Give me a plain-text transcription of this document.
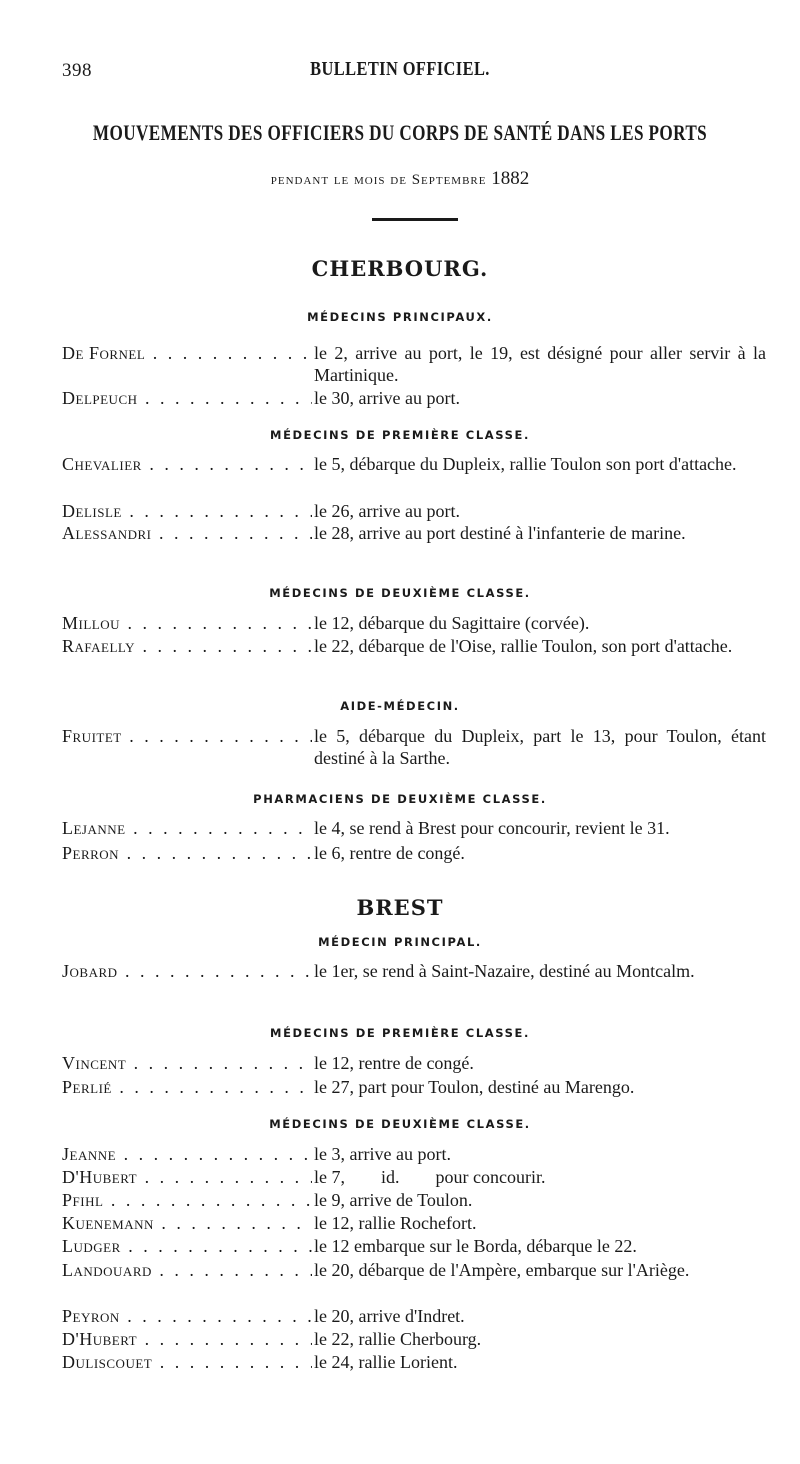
398	BULLETIN OFFICIEL.
MOUVEMENTS DES OFFICIERS DU CORPS DE SANTÉ DANS LES PORTS
pendant le mois de Septembre 1882
CHERBOURG.
MÉDECINS PRINCIPAUX.
De Fornel . . .	le 2, arrive au port, le 19, est désigné pour aller servir à la Martinique.
Delpeuch . . .	le 30, arrive au port.
MÉDECINS DE PREMIÈRE CLASSE.
Chevalier . . .	le 5, débarque du Dupleix, rallie Toulon son port d'attache.
Delisle . . .	le 26, arrive au port.
Alessandri . . .	le 28, arrive au port destiné à l'infanterie de marine.
MÉDECINS DE DEUXIÈME CLASSE.
Millou . . .	le 12, débarque du Sagittaire (corvée).
Rafaelly . . .	le 22, débarque de l'Oise, rallie Toulon, son port d'attache.
AIDE-MÉDECIN.
Fruitet . . .	le 5, débarque du Dupleix, part le 13, pour Toulon, étant destiné à la Sarthe.
PHARMACIENS DE DEUXIÈME CLASSE.
Lejanne . . .	le 4, se rend à Brest pour concourir, revient le 31.
Perron . . .	le 6, rentre de congé.
BREST
MÉDECIN PRINCIPAL.
Jobard . . .	le 1er, se rend à Saint-Nazaire, destiné au Montcalm.
MÉDECINS DE PREMIÈRE CLASSE.
Vincent . . .	le 12, rentre de congé.
Perlié . . .	le 27, part pour Toulon, destiné au Marengo.
MÉDECINS DE DEUXIÈME CLASSE.
Jeanne . . .	le 3, arrive au port.
D'Hubert . . .	le 7,        id.        pour concourir.
Pfihl . . .	le 9, arrive de Toulon.
Kuenemann . . .	le 12, rallie Rochefort.
Ludger . . .	le 12 embarque sur le Borda, débarque le 22.
Landouard . . .	le 20, débarque de l'Ampère, embarque sur l'Ariège.
Peyron . . .	le 20, arrive d'Indret.
D'Hubert . . .	le 22, rallie Cherbourg.
Duliscouet . . .	le 24, rallie Lorient.
